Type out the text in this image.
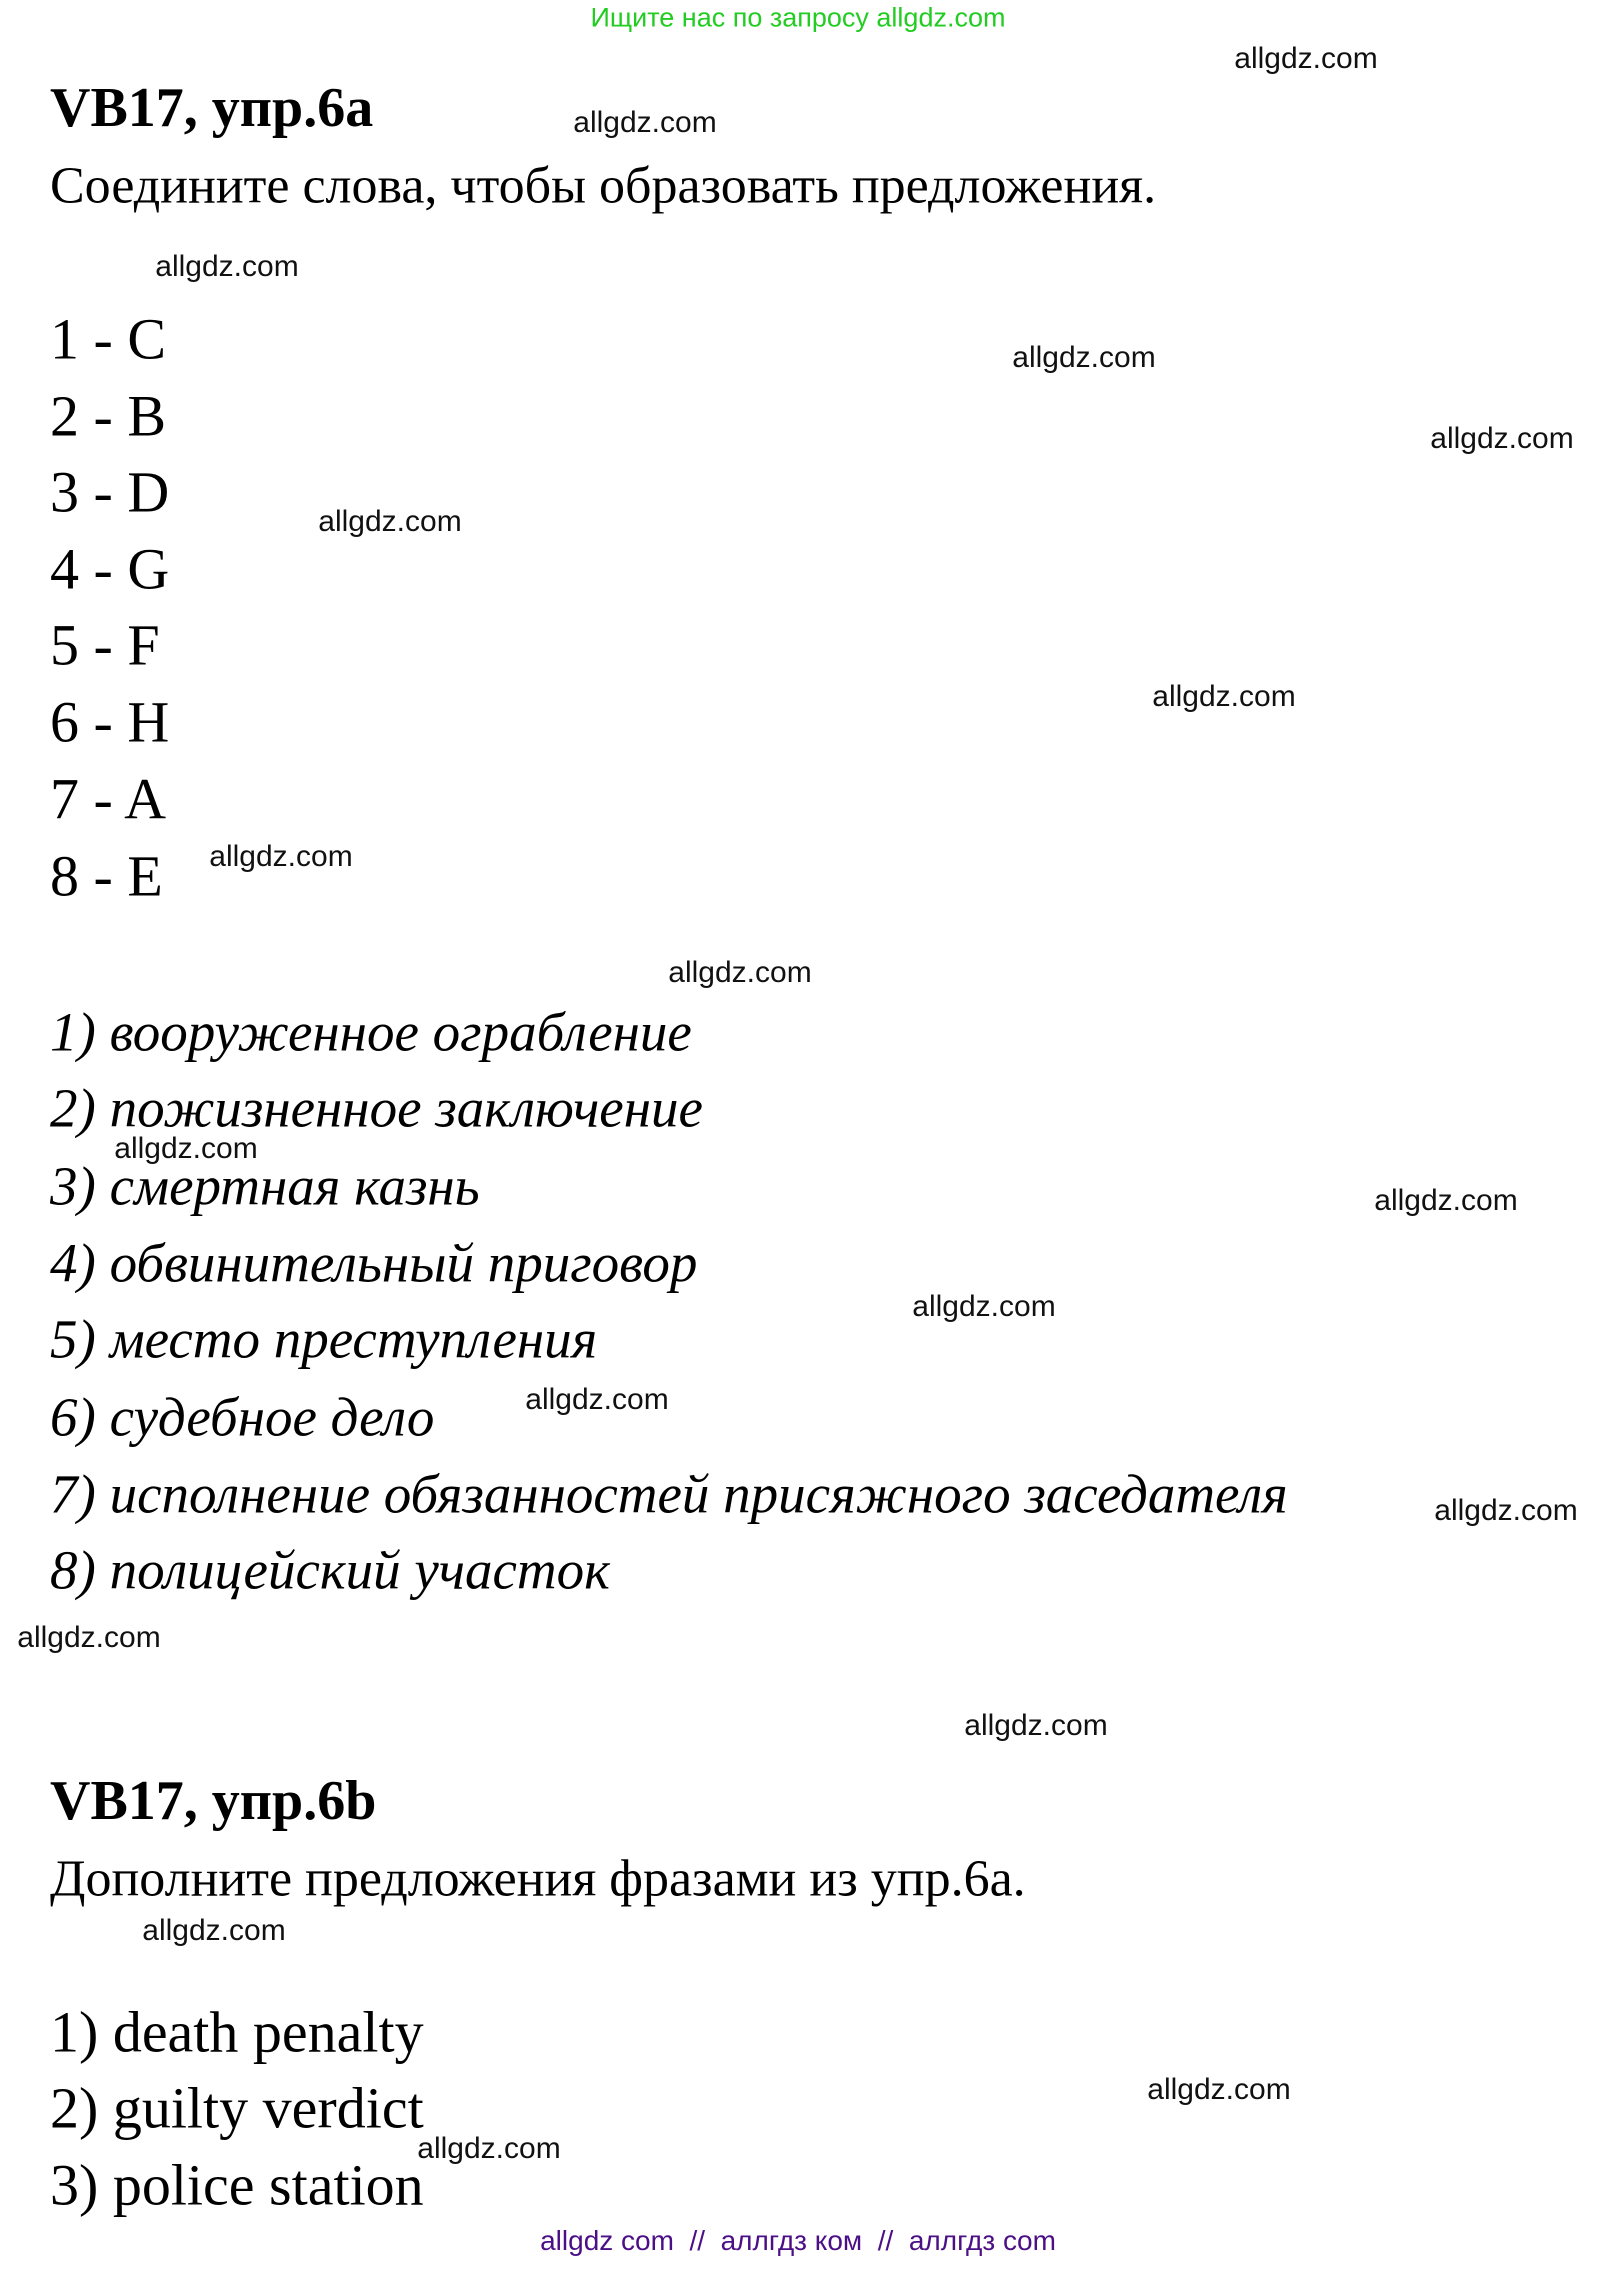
Ищите нас по запросу allgdz.com
VB17, упр.6a
Соедините слова, чтобы образовать предложения.
1 - C
2 - B
3 - D
4 - G
5 - F
6 - H
7 - A
8 - E
1) вооруженное ограбление
2) пожизненное заключение
3) смертная казнь
4) обвинительный приговор
5) место преступления
6) судебное дело
7) исполнение обязанностей присяжного заседателя
8) полицейский участок
VB17, упр.6b
Дополните предложения фразами из упр.6a.
1) death penalty
2) guilty verdict
3) police station
allgdz.com
allgdz.com
allgdz.com
allgdz.com
allgdz.com
allgdz.com
allgdz.com
allgdz.com
allgdz.com
allgdz.com
allgdz.com
allgdz.com
allgdz.com
allgdz.com
allgdz.com
allgdz.com
allgdz.com
allgdz.com
allgdz.com
allgdz com  //  аллгдз ком  //  аллгдз com
